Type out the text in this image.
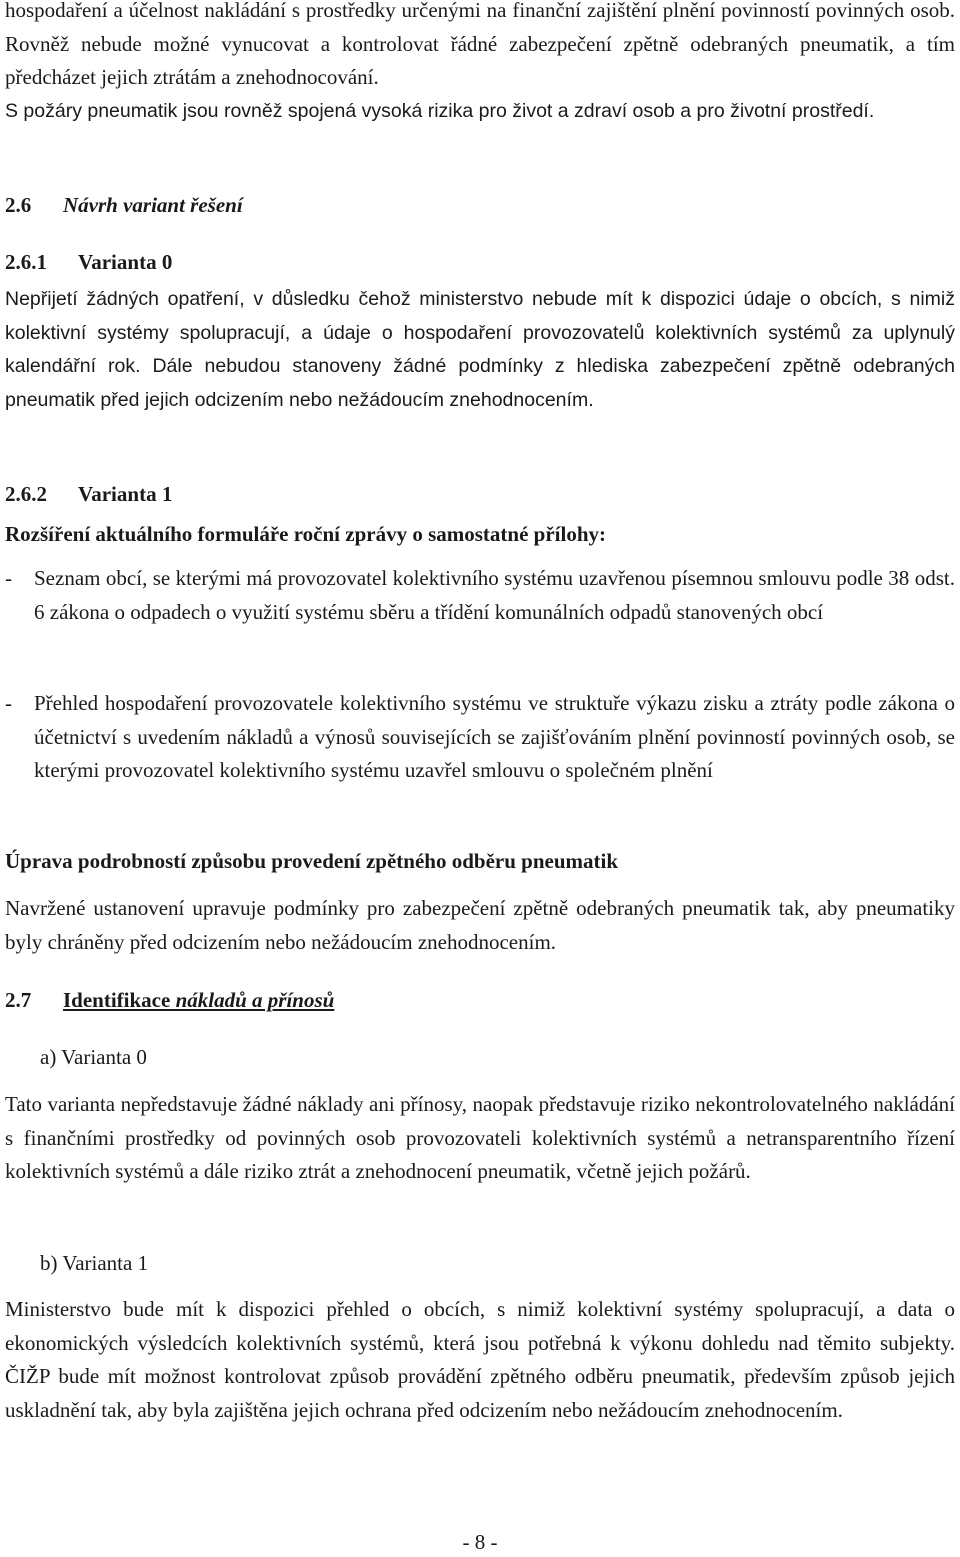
hospodaření a účelnost nakládání s prostředky určenými na finanční zajištění plnění povinností povinných osob. Rovněž nebude možné vynucovat a kontrolovat řádné zabezpečení zpětně odebraných pneumatik, a tím předcházet jejich ztrátám a znehodnocování.

S požáry pneumatik jsou rovněž spojená vysoká rizika pro život a zdraví osob a pro životní prostředí.

2.6 Návrh variant řešení
2.6.1 Varianta 0

Nepřijetí žádných opatření, v důsledku čehož ministerstvo nebude mít k dispozici údaje o obcích, s nimiž kolektivní systémy spolupracují, a údaje o hospodaření provozovatelů kolektivních systémů za uplynulý kalendářní rok. Dále nebudou stanoveny žádné podmínky z hlediska zabezpečení zpětně odebraných pneumatik před jejich odcizením nebo nežádoucím znehodnocením.

2.6.2 Varianta 1
Rozšíření aktuálního formuláře roční zprávy o samostatné přílohy:
- Seznam obcí, se kterými má provozovatel kolektivního systému uzavřenou písemnou smlouvu podle 38 odst. 6 zákona o odpadech o využití systému sběru a třídění komunálních odpadů stanovených obcí

- Přehled hospodaření provozovatele kolektivního systému ve struktuře výkazu zisku a ztráty podle zákona o účetnictví s uvedením nákladů a výnosů souvisejících se zajišťováním plnění povinností povinných osob, se kterými provozovatel kolektivního systému uzavřel smlouvu o společném plnění

Úprava podrobností způsobu provedení zpětného odběru pneumatik

Navržené ustanovení upravuje podmínky pro zabezpečení zpětně odebraných pneumatik tak, aby pneumatiky byly chráněny před odcizením nebo nežádoucím znehodnocením.

2.7 Identifikace nákladů a přínosů
a) Varianta 0

Tato varianta nepředstavuje žádné náklady ani přínosy, naopak představuje riziko nekontrolovatelného nakládání s finančními prostředky od povinných osob provozovateli kolektivních systémů a netransparentního řízení kolektivních systémů a dále riziko ztrát a znehodnocení pneumatik, včetně jejich požárů.

b) Varianta 1

Ministerstvo bude mít k dispozici přehled o obcích, s nimiž kolektivní systémy spolupracují, a data o ekonomických výsledcích kolektivních systémů, která jsou potřebná k výkonu dohledu nad těmito subjekty. ČIŽP bude mít možnost kontrolovat způsob provádění zpětného odběru pneumatik, především způsob jejich uskladnění tak, aby byla zajištěna jejich ochrana před odcizením nebo nežádoucím znehodnocením.

- 8 -
